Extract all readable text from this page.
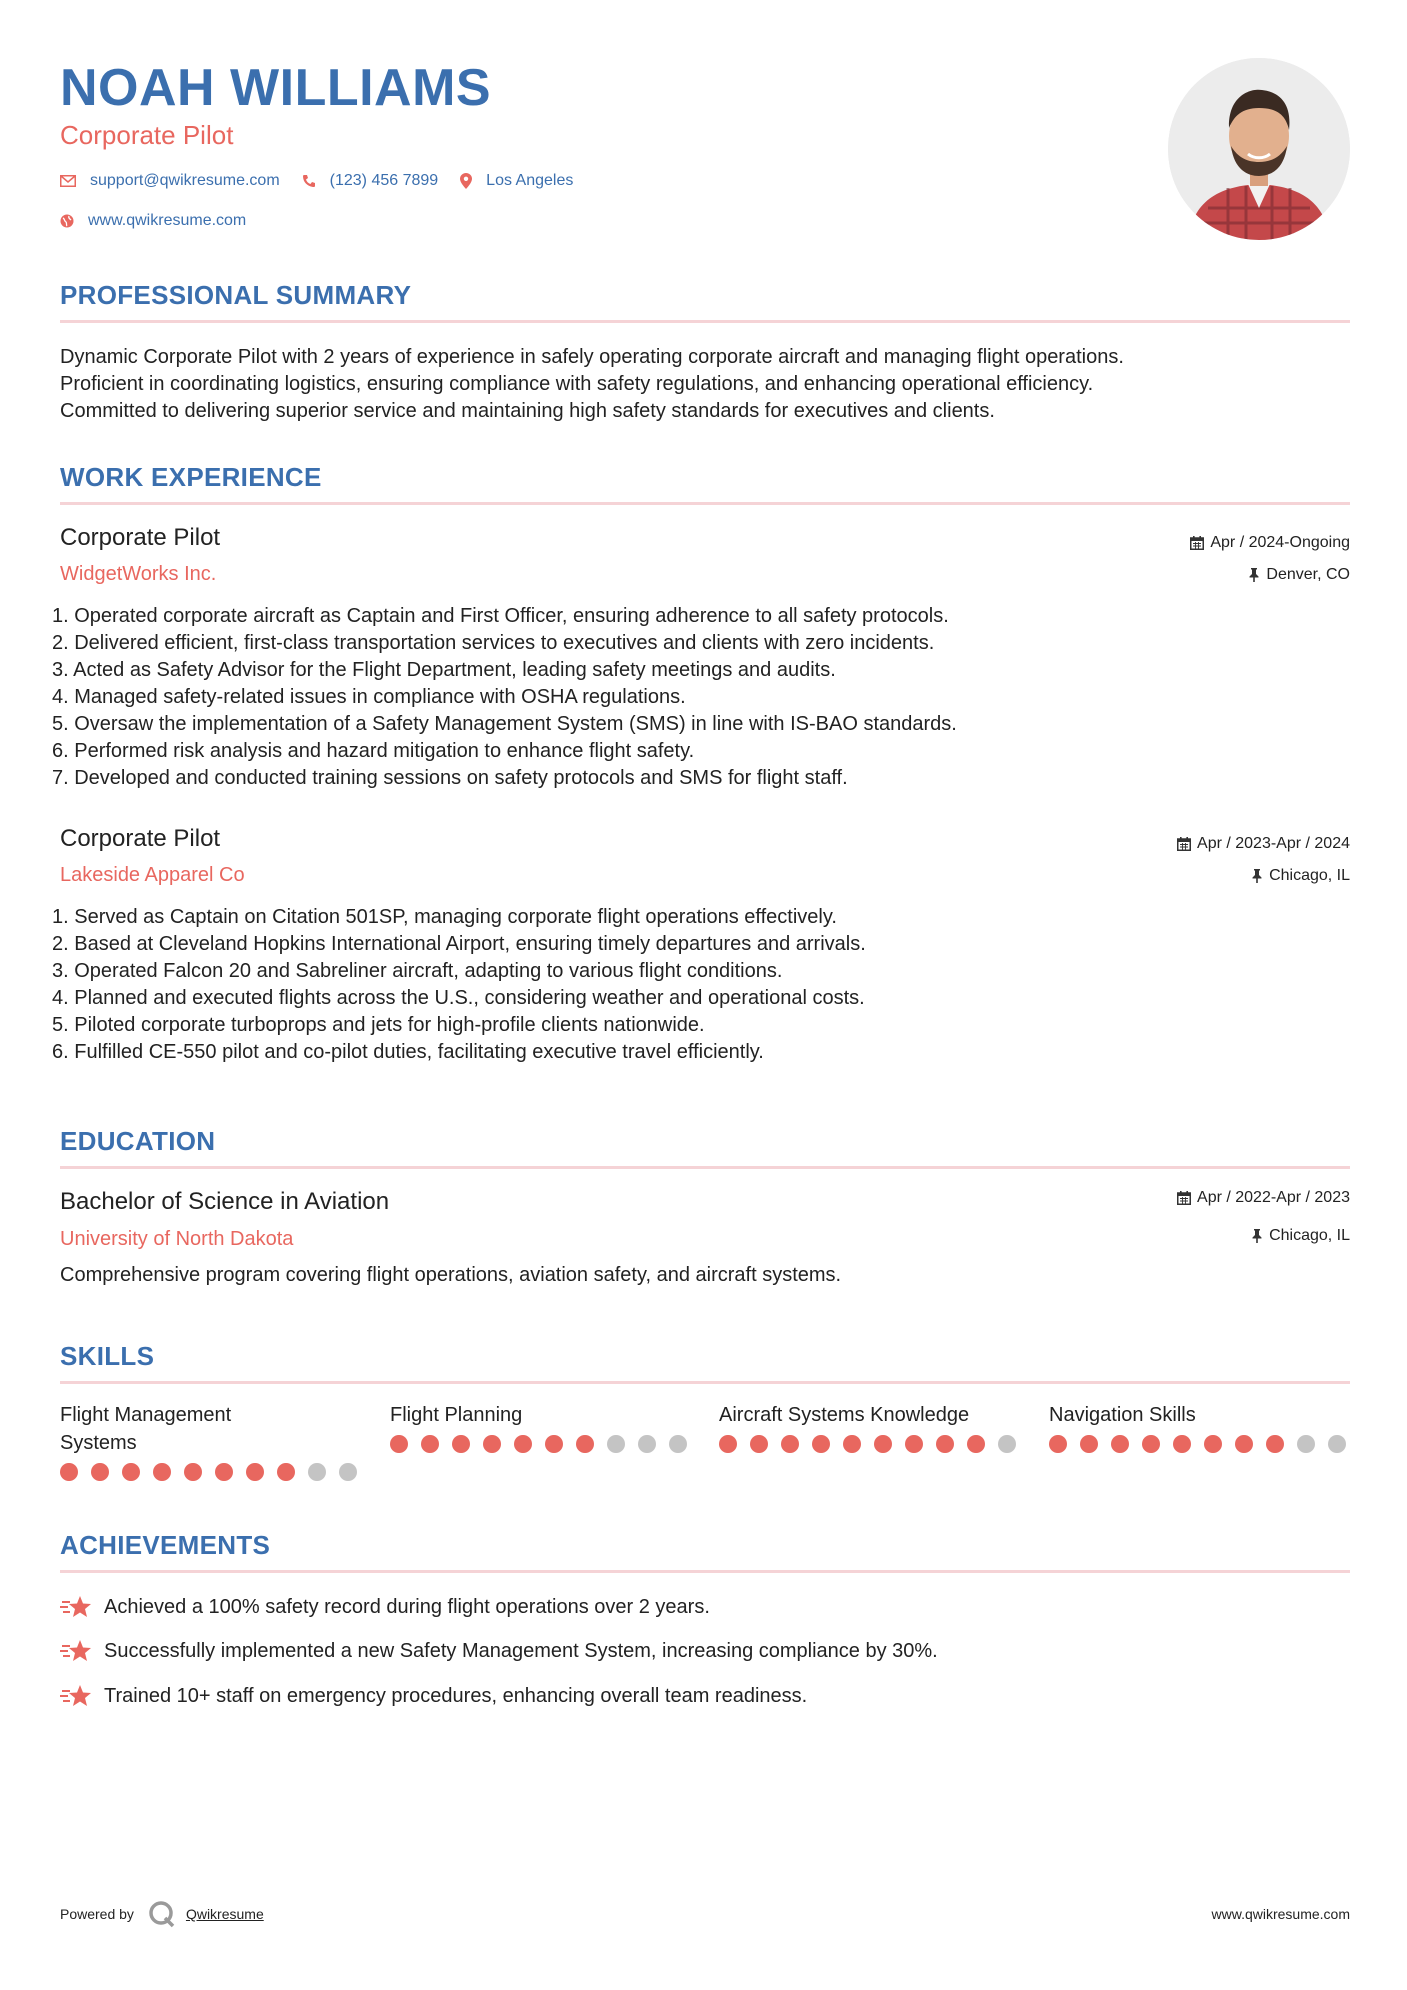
NOAH WILLIAMS
Corporate Pilot
support@qwikresume.com	(123) 456 7899	Los Angeles
www.qwikresume.com
PROFESSIONAL SUMMARY
Dynamic Corporate Pilot with 2 years of experience in safely operating corporate aircraft and managing flight operations.
Proficient in coordinating logistics, ensuring compliance with safety regulations, and enhancing operational efficiency.
Committed to delivering superior service and maintaining high safety standards for executives and clients.
WORK EXPERIENCE
Corporate Pilot
WidgetWorks Inc.
Apr / 2024-Ongoing
Denver, CO
1. Operated corporate aircraft as Captain and First Officer, ensuring adherence to all safety protocols.
2. Delivered efficient, first-class transportation services to executives and clients with zero incidents.
3. Acted as Safety Advisor for the Flight Department, leading safety meetings and audits.
4. Managed safety-related issues in compliance with OSHA regulations.
5. Oversaw the implementation of a Safety Management System (SMS) in line with IS-BAO standards.
6. Performed risk analysis and hazard mitigation to enhance flight safety.
7. Developed and conducted training sessions on safety protocols and SMS for flight staff.
Corporate Pilot
Lakeside Apparel Co
Apr / 2023-Apr / 2024
Chicago, IL
1. Served as Captain on Citation 501SP, managing corporate flight operations effectively.
2. Based at Cleveland Hopkins International Airport, ensuring timely departures and arrivals.
3. Operated Falcon 20 and Sabreliner aircraft, adapting to various flight conditions.
4. Planned and executed flights across the U.S., considering weather and operational costs.
5. Piloted corporate turboprops and jets for high-profile clients nationwide.
6. Fulfilled CE-550 pilot and co-pilot duties, facilitating executive travel efficiently.
EDUCATION
Bachelor of Science in Aviation
University of North Dakota
Apr / 2022-Apr / 2023
Chicago, IL
Comprehensive program covering flight operations, aviation safety, and aircraft systems.
SKILLS
Flight Management
Systems
Flight Planning	Aircraft Systems Knowledge	Navigation Skills
ACHIEVEMENTS
Achieved a 100% safety record during flight operations over 2 years.
Successfully implemented a new Safety Management System, increasing compliance by 30%.
Trained 10+ staff on emergency procedures, enhancing overall team readiness.
Powered by	Qwikresume	www.qwikresume.com
